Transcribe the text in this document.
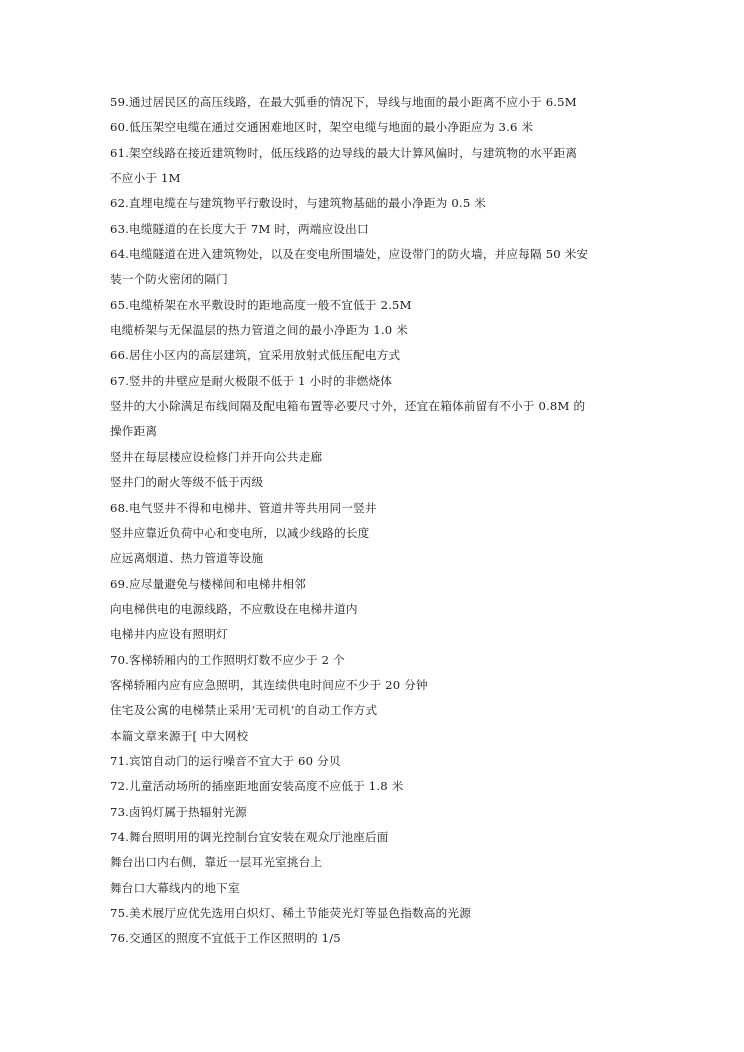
59.通过居民区的高压线路，在最大弧垂的情况下，导线与地面的最小距离不应小于 6.5M
60.低压架空电缆在通过交通困难地区时，架空电缆与地面的最小净距应为 3.6 米
61.架空线路在接近建筑物时，低压线路的边导线的最大计算风偏时，与建筑物的水平距离
不应小于 1M
62.直埋电缆在与建筑物平行敷设时，与建筑物基础的最小净距为 0.5 米
63.电缆隧道的在长度大于 7M 时，两端应设出口
64.电缆隧道在进入建筑物处，以及在变电所围墙处，应设带门的防火墙，并应每隔 50 米安
装一个防火密闭的隔门
65.电缆桥架在水平敷设时的距地高度一般不宜低于 2.5M
电缆桥架与无保温层的热力管道之间的最小净距为 1.0 米
66.居住小区内的高层建筑，宜采用放射式低压配电方式
67.竖井的井壁应是耐火极限不低于 1 小时的非燃烧体
竖井的大小除满足布线间隔及配电箱布置等必要尺寸外，还宜在箱体前留有不小于 0.8M 的
操作距离
竖井在每层楼应设检修门并开向公共走廊
竖井门的耐火等级不低于丙级
68.电气竖井不得和电梯井、管道井等共用同一竖井
竖井应靠近负荷中心和变电所，以减少线路的长度
应远离烟道、热力管道等设施
69.应尽量避免与楼梯间和电梯井相邻
向电梯供电的电源线路，不应敷设在电梯井道内
电梯井内应设有照明灯
70.客梯轿厢内的工作照明灯数不应少于 2 个
客梯轿厢内应有应急照明，其连续供电时间应不少于 20 分钟
住宅及公寓的电梯禁止采用‘无司机’的自动工作方式
本篇文章来源于[ 中大网校
71.宾馆自动门的运行噪音不宜大于 60 分贝
72.儿童活动场所的插座距地面安装高度不应低于 1.8 米
73.卤钨灯属于热辐射光源
74.舞台照明用的调光控制台宜安装在观众厅池座后面
舞台出口内右侧，靠近一层耳光室挑台上
舞台口大幕线内的地下室
75.美术展厅应优先选用白炽灯、稀土节能荧光灯等显色指数高的光源
76.交通区的照度不宜低于工作区照明的 1/5
